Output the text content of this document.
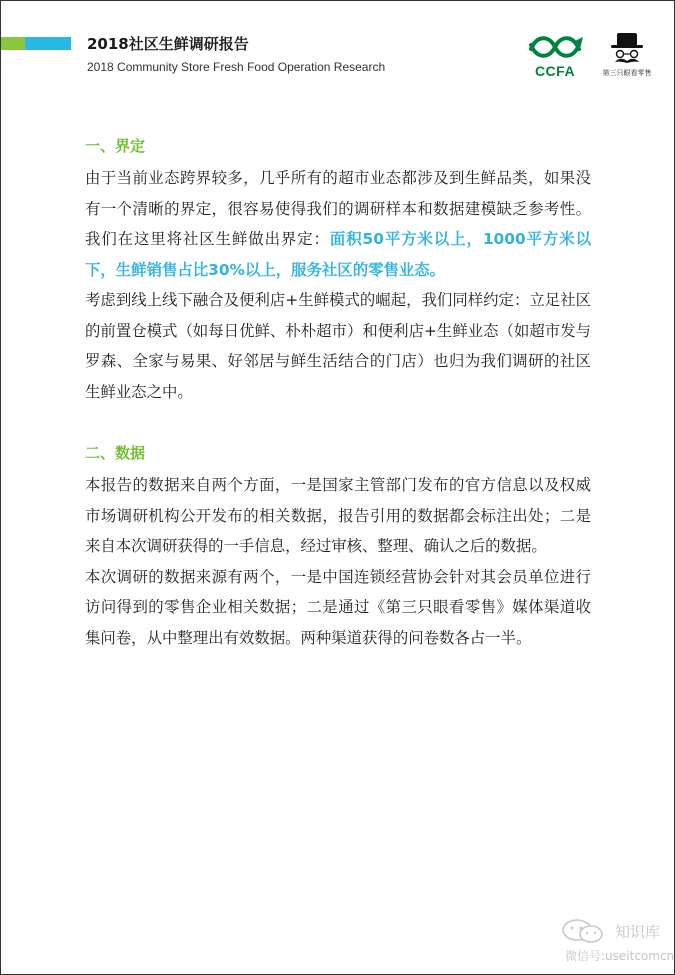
2018社区生鲜调研报告
2018 Community Store Fresh Food Operation Research	CCFA	第三只眼看零售
一、界定
由于当前业态跨界较多，几乎所有的超市业态都涉及到生鲜品类，如果没有一个清晰的界定，很容易使得我们的调研样本和数据建模缺乏参考性。我们在这里将社区生鲜做出界定：面积50平方米以上，1000平方米以下，生鲜销售占比30%以上，服务社区的零售业态。
考虑到线上线下融合及便利店+生鲜模式的崛起，我们同样约定：立足社区的前置仓模式（如每日优鲜、朴朴超市）和便利店+生鲜业态（如超市发与罗森、全家与易果、好邻居与鲜生活结合的门店）也归为我们调研的社区生鲜业态之中。
二、数据
本报告的数据来自两个方面，一是国家主管部门发布的官方信息以及权威市场调研机构公开发布的相关数据，报告引用的数据都会标注出处；二是来自本次调研获得的一手信息，经过审核、整理、确认之后的数据。
本次调研的数据来源有两个，一是中国连锁经营协会针对其会员单位进行访问得到的零售企业相关数据；二是通过《第三只眼看零售》媒体渠道收集问卷，从中整理出有效数据。两种渠道获得的问卷数各占一半。
知识库
微信号:useitcomcn
